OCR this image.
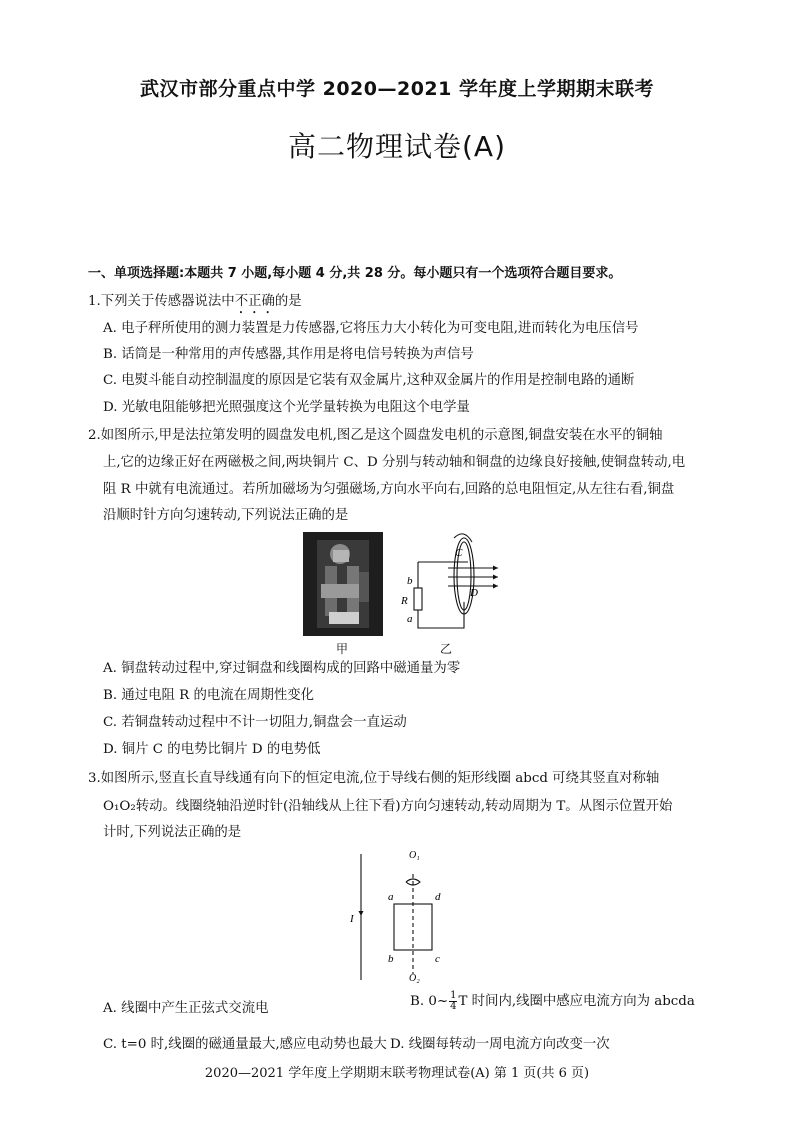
武汉市部分重点中学 2020—2021 学年度上学期期末联考
高二物理试卷(A)
一、单项选择题:本题共 7 小题,每小题 4 分,共 28 分。每小题只有一个选项符合题目要求。
1.下列关于传感器说法中不正确的是
A. 电子秤所使用的测力装置是力传感器,它将压力大小转化为可变电阻,进而转化为电压信号
B. 话筒是一种常用的声传感器,其作用是将电信号转换为声信号
C. 电熨斗能自动控制温度的原因是它装有双金属片,这种双金属片的作用是控制电路的通断
D. 光敏电阻能够把光照强度这个光学量转换为电阻这个电学量
2.如图所示,甲是法拉第发明的圆盘发电机,图乙是这个圆盘发电机的示意图,铜盘安装在水平的铜轴
上,它的边缘正好在两磁极之间,两块铜片 C、D 分别与转动轴和铜盘的边缘良好接触,使铜盘转动,电
阻 R 中就有电流通过。若所加磁场为匀强磁场,方向水平向右,回路的总电阻恒定,从左往右看,铜盘
沿顺时针方向匀速转动,下列说法正确的是
甲
C
D
b
R
a
乙
A. 铜盘转动过程中,穿过铜盘和线圈构成的回路中磁通量为零
B. 通过电阻 R 的电流在周期性变化
C. 若铜盘转动过程中不计一切阻力,铜盘会一直运动
D. 铜片 C 的电势比铜片 D 的电势低
3.如图所示,竖直长直导线通有向下的恒定电流,位于导线右侧的矩形线圈 abcd 可绕其竖直对称轴
O₁O₂转动。线圈绕轴沿逆时针(沿轴线从上往下看)方向匀速转动,转动周期为 T。从图示位置开始
计时,下列说法正确的是
O₁
O₂
I
a	d
b	c
A. 线圈中产生正弦式交流电	B. 0~ $\frac{1}{4}$ T 时间内,线圈中感应电流方向为 abcda
C. t=0 时,线圈的磁通量最大,感应电动势也最大 D. 线圈每转动一周电流方向改变一次
2020—2021 学年度上学期期末联考物理试卷(A) 第 1 页(共 6 页)
